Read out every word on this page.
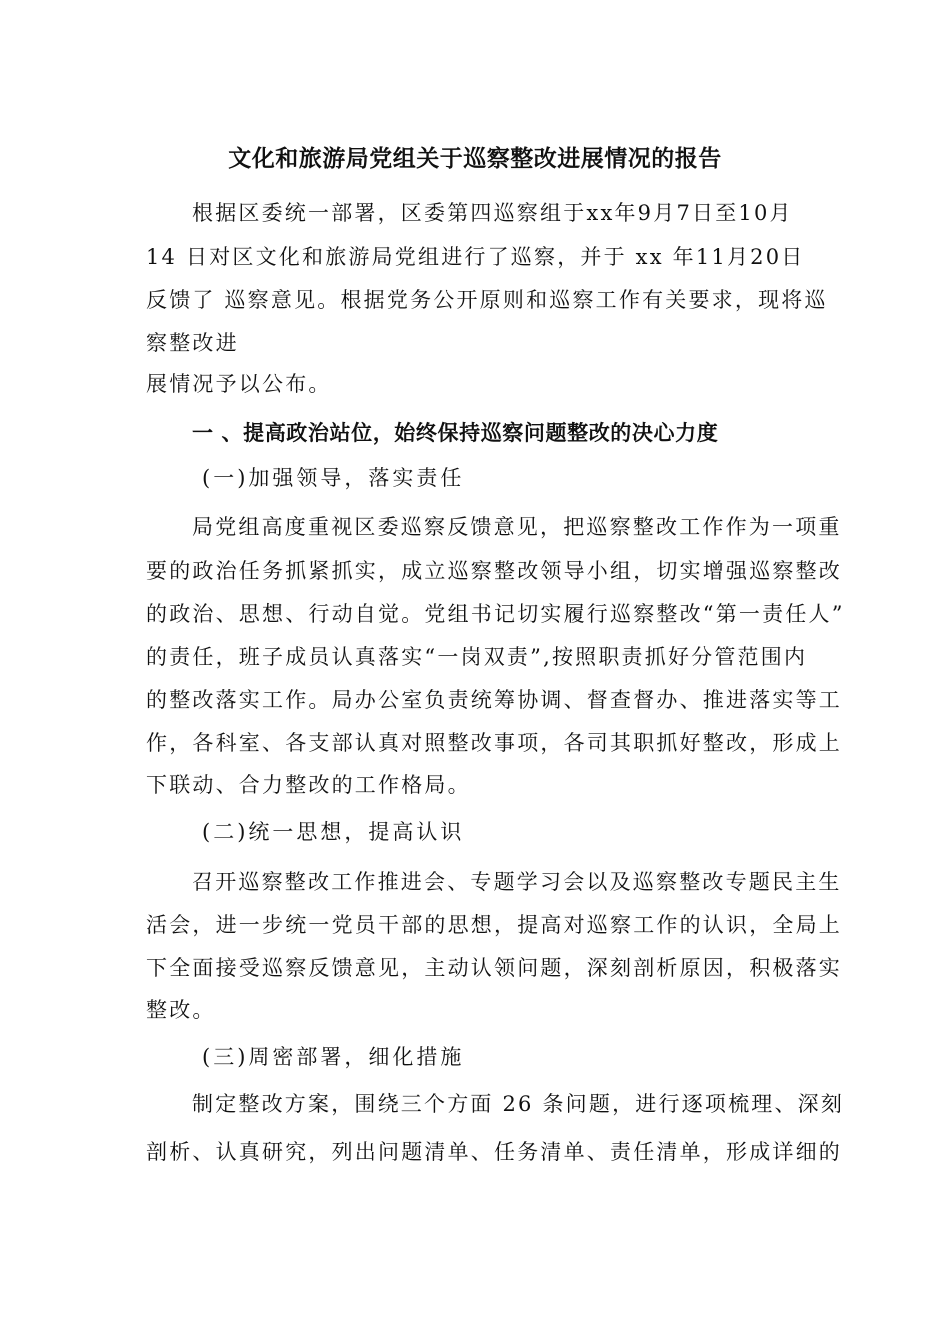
文化和旅游局党组关于巡察整改进展情况的报告
根据区委统一部署，区委第四巡察组于xx年9月7日至10月
14 日对区文化和旅游局党组进行了巡察，并于 xx 年11月20日
反馈了 巡察意见。根据党务公开原则和巡察工作有关要求，现将巡
察整改进
展情况予以公布。
一 、提高政治站位，始终保持巡察问题整改的决心力度
(一)加强领导，落实责任
局党组高度重视区委巡察反馈意见，把巡察整改工作作为一项重
要的政治任务抓紧抓实，成立巡察整改领导小组，切实增强巡察整改
的政治、思想、行动自觉。党组书记切实履行巡察整改“第一责任人”
的责任，班子成员认真落实“一岗双责”,按照职责抓好分管范围内
的整改落实工作。局办公室负责统筹协调、督查督办、推进落实等工
作，各科室、各支部认真对照整改事项，各司其职抓好整改，形成上
下联动、合力整改的工作格局。
(二)统一思想，提高认识
召开巡察整改工作推进会、专题学习会以及巡察整改专题民主生
活会，进一步统一党员干部的思想，提高对巡察工作的认识，全局上
下全面接受巡察反馈意见，主动认领问题，深刻剖析原因，积极落实
整改。
(三)周密部署，细化措施
制定整改方案，围绕三个方面 26 条问题，进行逐项梳理、深刻
剖析、认真研究，列出问题清单、任务清单、责任清单，形成详细的
